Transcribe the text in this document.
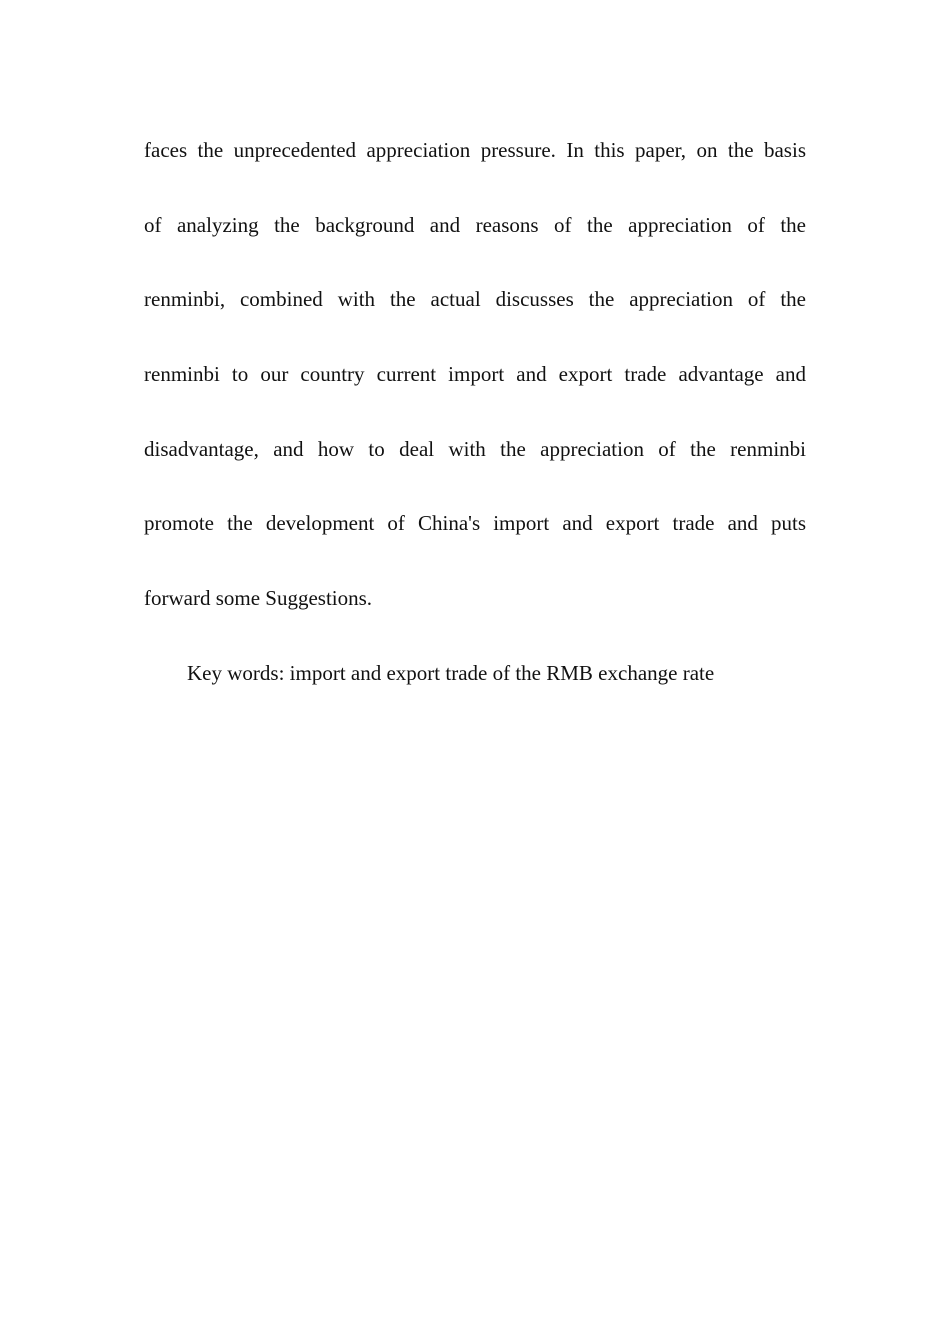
faces the unprecedented appreciation pressure. In this paper, on the basis
of analyzing the background and reasons of the appreciation of the
renminbi, combined with the actual discusses the appreciation of the
renminbi to our country current import and export trade advantage and
disadvantage, and how to deal with the appreciation of the renminbi
promote the development of China's import and export trade and puts
forward some Suggestions.
Key words: import and export trade of the RMB exchange rate
